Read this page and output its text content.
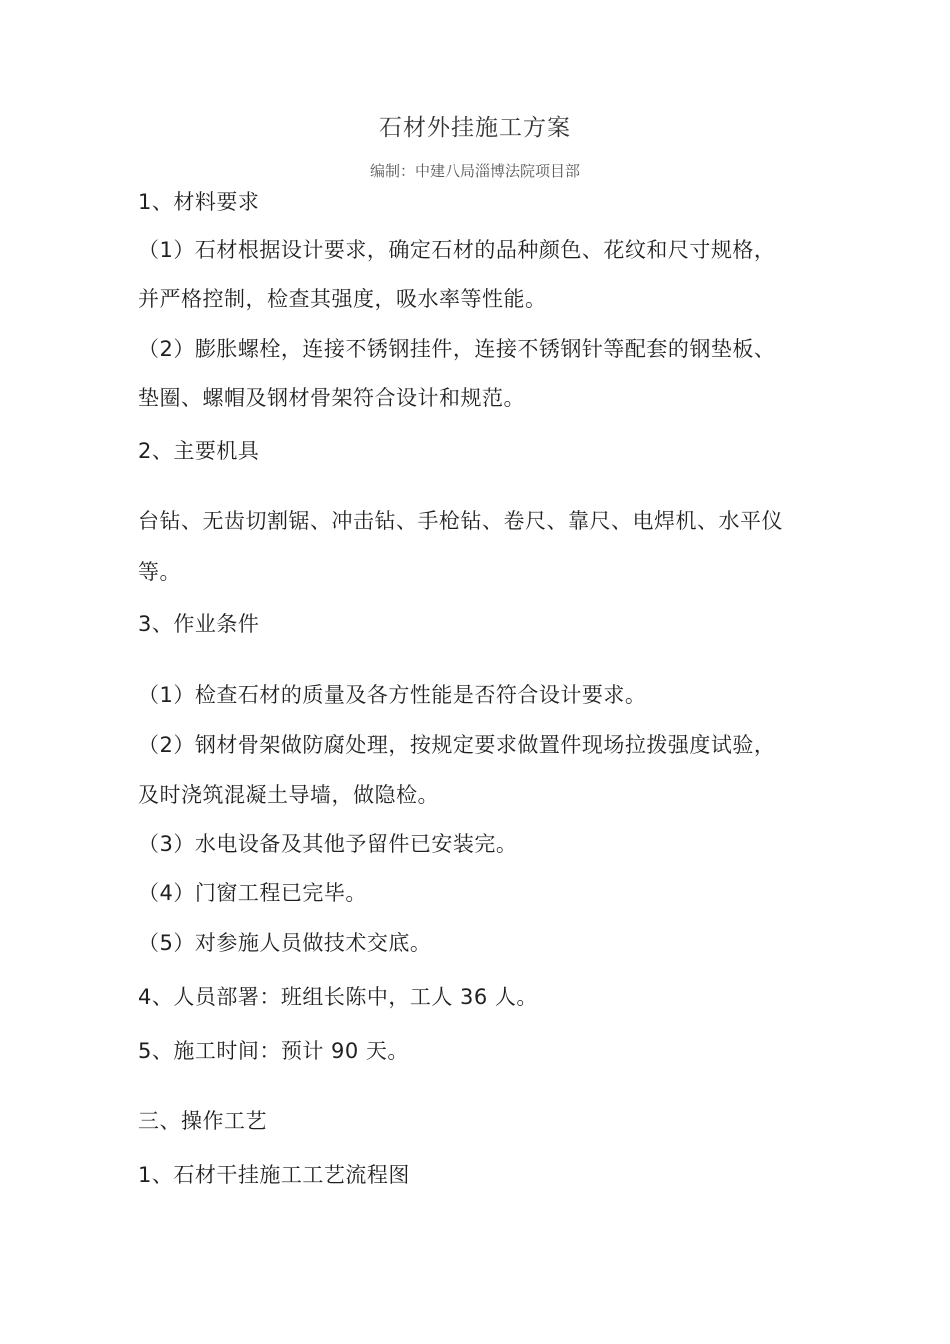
石材外挂施工方案
编制：中建八局淄博法院项目部
1、材料要求
（1）石材根据设计要求，确定石材的品种颜色、花纹和尺寸规格，
并严格控制，检查其强度，吸水率等性能。
（2）膨胀螺栓，连接不锈钢挂件，连接不锈钢针等配套的钢垫板、
垫圈、螺帽及钢材骨架符合设计和规范。
2、主要机具
台钻、无齿切割锯、冲击钻、手枪钻、卷尺、靠尺、电焊机、水平仪
等。
3、作业条件
（1）检查石材的质量及各方性能是否符合设计要求。
（2）钢材骨架做防腐处理，按规定要求做置件现场拉拨强度试验，
及时浇筑混凝土导墙，做隐检。
（3）水电设备及其他予留件已安装完。
（4）门窗工程已完毕。
（5）对参施人员做技术交底。
4、人员部署：班组长陈中，工人 36 人。
5、施工时间：预计 90 天。
三、操作工艺
1、石材干挂施工工艺流程图
